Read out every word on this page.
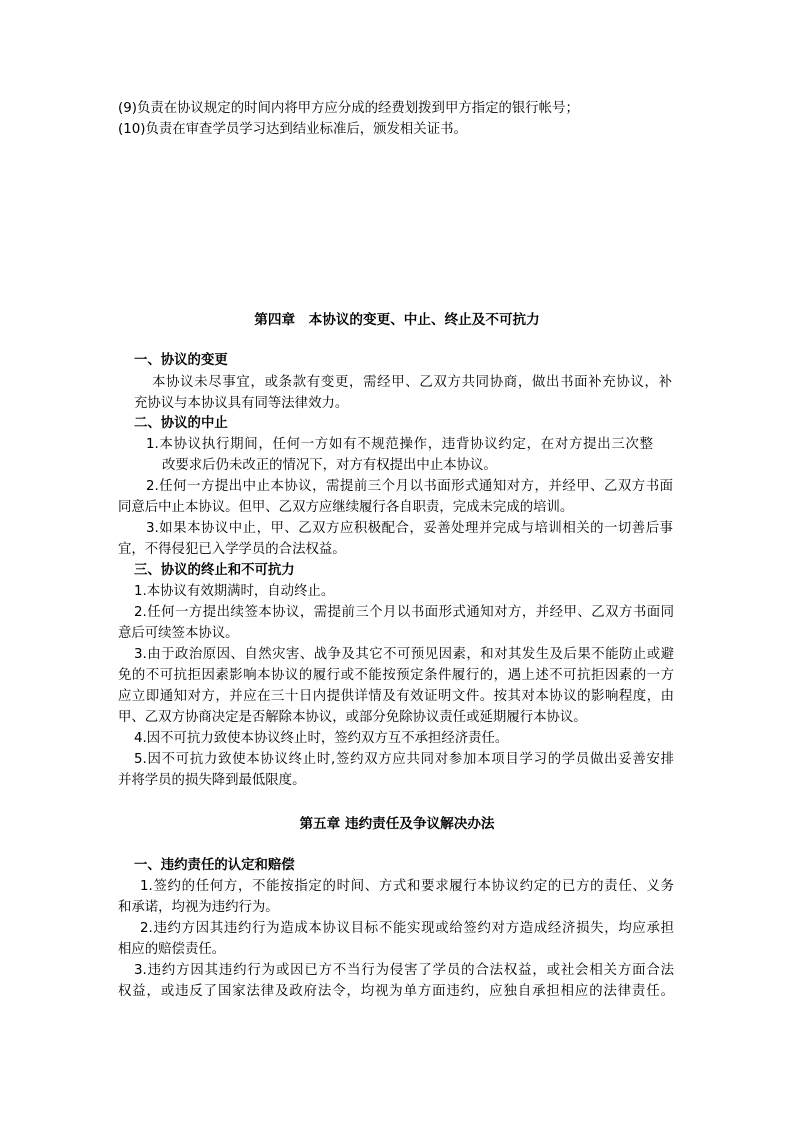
(9)负责在协议规定的时间内将甲方应分成的经费划拨到甲方指定的银行帐号；
(10)负责在审查学员学习达到结业标准后，颁发相关证书。
第四章　本协议的变更、中止、终止及不可抗力
一、协议的变更
本协议未尽事宜，或条款有变更，需经甲、乙双方共同协商，做出书面补充协议，补
充协议与本协议具有同等法律效力。
二、协议的中止
1.本协议执行期间，任何一方如有不规范操作，违背协议约定，在对方提出三次整
改要求后仍未改正的情况下，对方有权提出中止本协议。
2.任何一方提出中止本协议，需提前三个月以书面形式通知对方，并经甲、乙双方书面
同意后中止本协议。但甲、乙双方应继续履行各自职责，完成未完成的培训。
3.如果本协议中止，甲、乙双方应积极配合，妥善处理并完成与培训相关的一切善后事
宜，不得侵犯已入学学员的合法权益。
三、协议的终止和不可抗力
1.本协议有效期满时，自动终止。
2.任何一方提出续签本协议，需提前三个月以书面形式通知对方，并经甲、乙双方书面同
意后可续签本协议。
3.由于政治原因、自然灾害、战争及其它不可预见因素，和对其发生及后果不能防止或避
免的不可抗拒因素影响本协议的履行或不能按预定条件履行的，遇上述不可抗拒因素的一方
应立即通知对方，并应在三十日内提供详情及有效证明文件。按其对本协议的影响程度，由
甲、乙双方协商决定是否解除本协议，或部分免除协议责任或延期履行本协议。
4.因不可抗力致使本协议终止时，签约双方互不承担经济责任。
5.因不可抗力致使本协议终止时,签约双方应共同对参加本项目学习的学员做出妥善安排
并将学员的损失降到最低限度。
第五章 违约责任及争议解决办法
一、违约责任的认定和赔偿
1.签约的任何方，不能按指定的时间、方式和要求履行本协议约定的已方的责任、义务
和承诺，均视为违约行为。
2.违约方因其违约行为造成本协议目标不能实现或给签约对方造成经济损失，均应承担
相应的赔偿责任。
3.违约方因其违约行为或因已方不当行为侵害了学员的合法权益，或社会相关方面合法
权益，或违反了国家法律及政府法令，均视为单方面违约，应独自承担相应的法律责任。
